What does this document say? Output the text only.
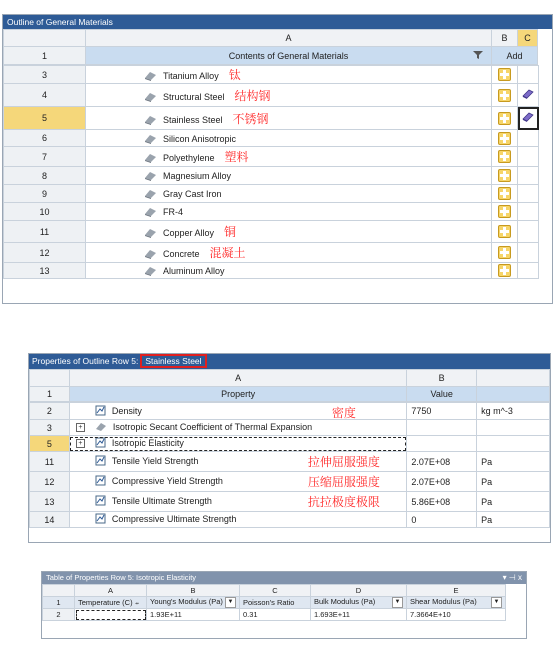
Outline of General Materials
	A	B	C
1	Contents of General Materials	Add	
3	Titanium Alloy 钛		
4	Structural Steel 结构钢		
5	Stainless Steel 不锈钢		
6	Silicon Anisotropic		
7	Polyethylene 塑料		
8	Magnesium Alloy		
9	Gray Cast Iron		
10	FR-4		
11	Copper Alloy 铜		
12	Concrete 混凝土		
13	Aluminum Alloy		
Properties of Outline Row 5: Stainless Steel
	A	B	
1	Property	Value	
2	Density 密度	7750	kg m^-3
3	+ Isotropic Secant Coefficient of Thermal Expansion

5	+ Isotropic Elasticity

11	Tensile Yield Strength 拉伸屈服强度	2.07E+08	Pa
12	Compressive Yield Strength 压缩屈服强度	2.07E+08	Pa
13	Tensile Ultimate Strength 抗拉极度极限	5.86E+08	Pa
14	Compressive Ultimate Strength	0	Pa
Table of Properties Row 5: Isotropic Elasticity	▾ ⊣ x
	A	B	C	D	E
1	Temperature (C) ⍆	Young's Modulus (Pa) ▼	Poisson's Ratio	Bulk Modulus (Pa) ▼	Shear Modulus (Pa) ▼

2		1.93E+11	0.31	1.693E+11	7.3664E+10
